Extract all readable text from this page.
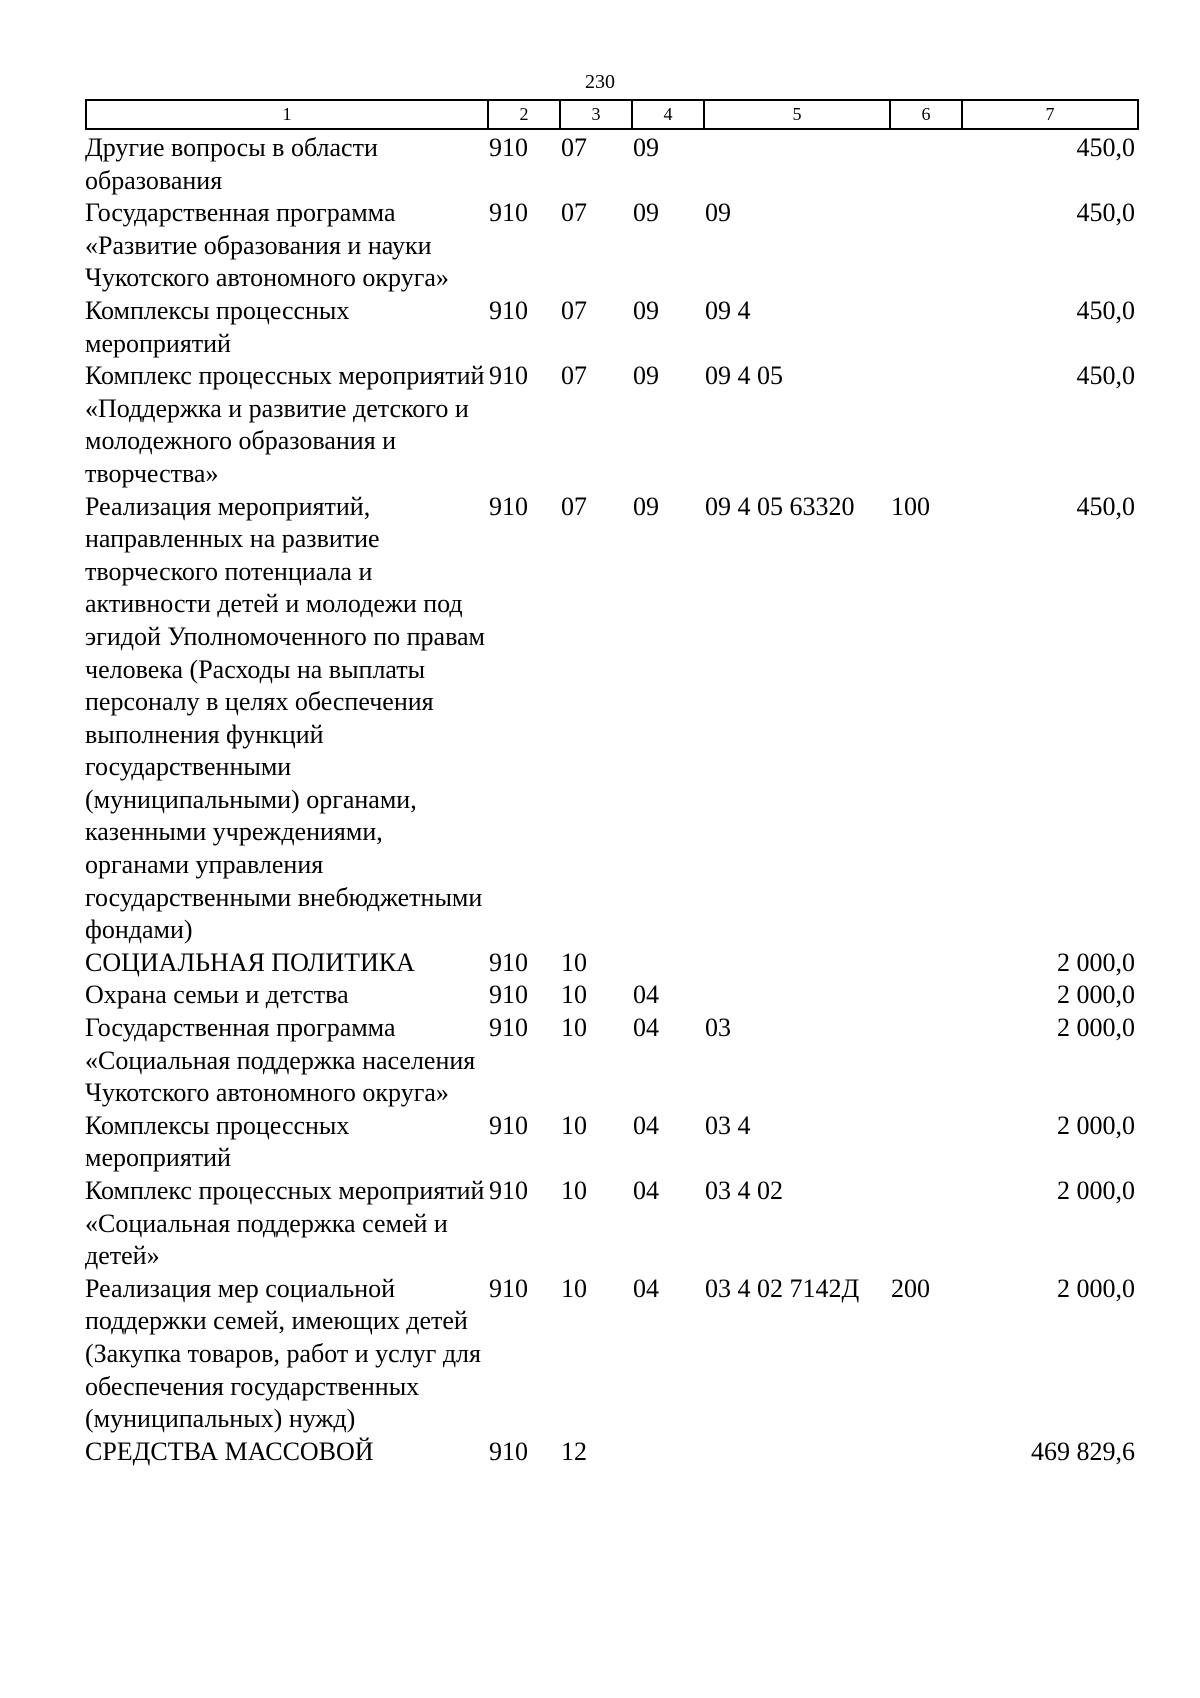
230
1	2	3	4	5	6	7
Другие вопросы в области образования	910	07	09			450,0
Государственная программа «Развитие образования и науки Чукотского автономного округа»	910	07	09	09		450,0
Комплексы процессных мероприятий	910	07	09	09 4		450,0
Комплекс процессных мероприятий «Поддержка и развитие детского и молодежного образования и творчества»	910	07	09	09 4 05		450,0
Реализация мероприятий, направленных на развитие творческого потенциала и активности детей и молодежи под эгидой Уполномоченного по правам человека (Расходы на выплаты персоналу в целях обеспечения выполнения функций государственными (муниципальными) органами, казенными учреждениями, органами управления государственными внебюджетными фондами)	910	07	09	09 4 05 63320	100	450,0
СОЦИАЛЬНАЯ ПОЛИТИКА	910	10				2 000,0
Охрана семьи и детства	910	10	04			2 000,0
Государственная программа «Социальная поддержка населения Чукотского автономного округа»	910	10	04	03		2 000,0
Комплексы процессных мероприятий	910	10	04	03 4		2 000,0
Комплекс процессных мероприятий «Социальная поддержка семей и детей»	910	10	04	03 4 02		2 000,0
Реализация мер социальной поддержки семей, имеющих детей (Закупка товаров, работ и услуг для обеспечения государственных (муниципальных) нужд)	910	10	04	03 4 02 7142Д	200	2 000,0
СРЕДСТВА МАССОВОЙ	910	12				469 829,6
